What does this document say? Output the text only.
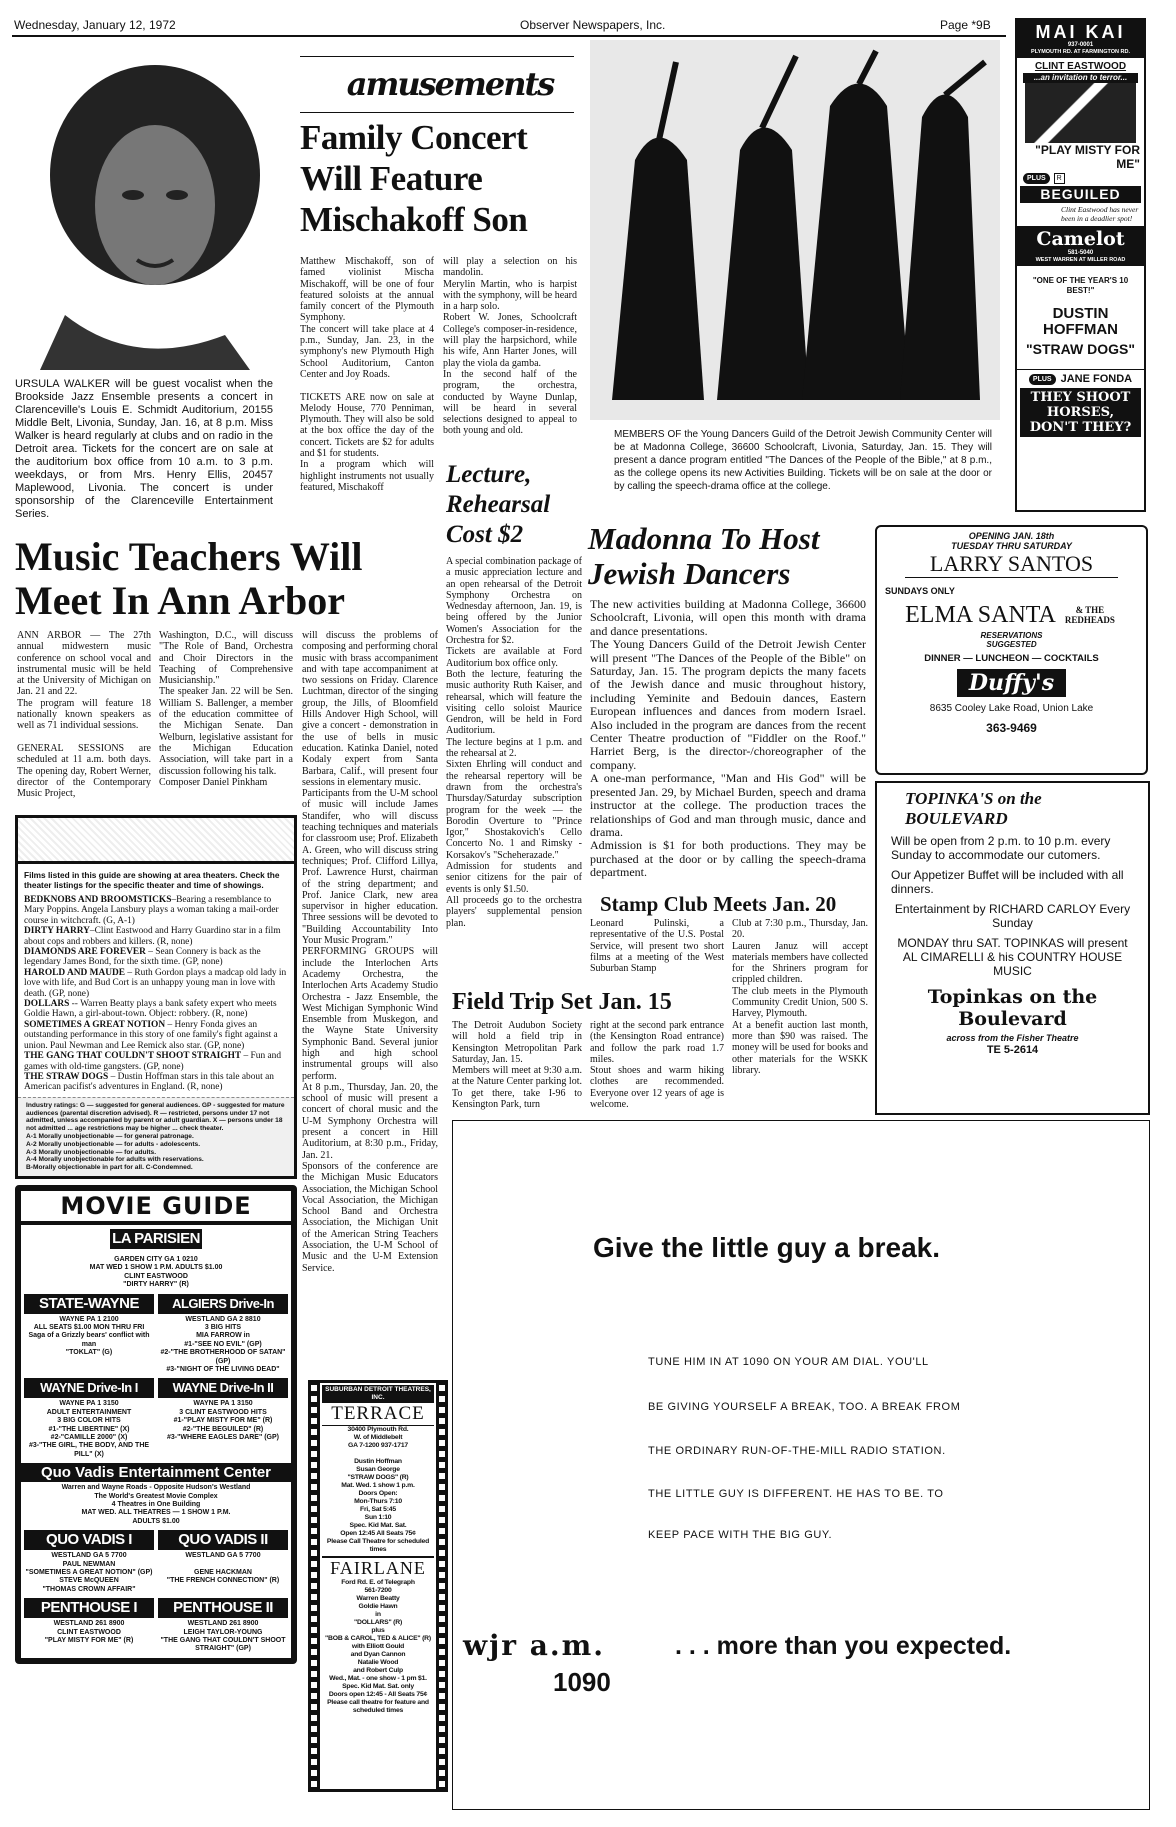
Wednesday, January 12, 1972	Observer Newspapers, Inc.	Page *9B
URSULA WALKER will be guest vocalist when the Brookside Jazz Ensemble presents a concert in Clarenceville's Louis E. Schmidt Auditorium, 20155 Middle Belt, Livonia, Sunday, Jan. 16, at 8 p.m. Miss Walker is heard regularly at clubs and on radio in the Detroit area. Tickets for the concert are on sale at the auditorium box office from 10 a.m. to 3 p.m. weekdays, or from Mrs. Henry Ellis, 20457 Maplewood, Livonia. The concert is under sponsorship of the Clarenceville Entertainment Series.
amusements
Family Concert Will Feature Mischakoff Son
Matthew Mischakoff, son of famed violinist Mischa Mischakoff, will be one of four featured soloists at the annual family concert of the Plymouth Symphony.
The concert will take place at 4 p.m., Sunday, Jan. 23, in the symphony's new Plymouth High School Auditorium, Canton Center and Joy Roads.

TICKETS ARE now on sale at Melody House, 770 Penniman, Plymouth. They will also be sold at the box office the day of the concert. Tickets are $2 for adults and $1 for students.
In a program which will highlight instruments not usually featured, Mischakoff
will play a selection on his mandolin.
Merylin Martin, who is harpist with the symphony, will be heard in a harp solo.
Robert W. Jones, Schoolcraft College's composer-in-residence, will play the harpsichord, while his wife, Ann Harter Jones, will play the viola da gamba.
In the second half of the program, the orchestra, conducted by Wayne Dunlap, will be heard in several selections designed to appeal to both young and old.	MEMBERS OF the Young Dancers Guild of the Detroit Jewish Community Center will be at Madonna College, 36600 Schoolcraft, Livonia, Saturday, Jan. 15. They will present a dance program entitled "The Dances of the People of the Bible," at 8 p.m., as the college opens its new Activities Building. Tickets will be on sale at the door or by calling the speech-drama office at the college.
Music Teachers Will Meet In Ann Arbor
ANN ARBOR — The 27th annual midwestern music conference on school vocal and instrumental music will be held at the University of Michigan on Jan. 21 and 22.
The program will feature 18 nationally known speakers as well as 71 individual sessions.

GENERAL SESSIONS are scheduled at 11 a.m. both days. The opening day, Robert Werner, director of the Contemporary Music Project,
Washington, D.C., will discuss "The Role of Band, Orchestra and Choir Directors in the Teaching of Comprehensive Musicianship."
The speaker Jan. 22 will be Sen. William S. Ballenger, a member of the education committee of the Michigan Senate. Dan Welburn, legislative assistant for the Michigan Education Association, will take part in a discussion following his talk.
Composer Daniel Pinkham
will discuss the problems of composing and performing choral music with brass accompaniment and with tape accompaniment at two sessions on Friday. Clarence Luchtman, director of the singing group, the Jills, of Bloomfield Hills Andover High School, will give a concert - demonstration in the use of bells in music education. Katinka Daniel, noted Kodaly expert from Santa Barbara, Calif., will present four sessions in elementary music.
Participants from the U-M school of music will include James Standifer, who will discuss teaching techniques and materials for classroom use; Prof. Elizabeth A. Green, who will discuss string techniques; Prof. Clifford Lillya, Prof. Lawrence Hurst, chairman of the string department; and Prof. Janice Clark, new area supervisor in higher education. Three sessions will be devoted to "Building Accountability Into Your Music Program."
PERFORMING GROUPS will include the Interlochen Arts Academy Orchestra, the Interlochen Arts Academy Studio Orchestra - Jazz Ensemble, the West Michigan Symphonic Wind Ensemble from Muskegon, and the Wayne State University Symphonic Band. Several junior high and high school instrumental groups will also perform.
At 8 p.m., Thursday, Jan. 20, the school of music will present a concert of choral music and the U-M Symphony Orchestra will present a concert in Hill Auditorium, at 8:30 p.m., Friday, Jan. 21.
Sponsors of the conference are the Michigan Music Educators Association, the Michigan School Vocal Association, the Michigan School Band and Orchestra Association, the Michigan Unit of the American String Teachers Association, the U-M School of Music and the U-M Extension Service.
Lecture, Rehearsal Cost $2
A special combination package of a music appreciation lecture and an open rehearsal of the Detroit Symphony Orchestra on Wednesday afternoon, Jan. 19, is being offered by the Junior Women's Association for the Orchestra for $2.
Tickets are available at Ford Auditorium box office only.
Both the lecture, featuring the music authority Ruth Kaiser, and rehearsal, which will feature the visiting cello soloist Maurice Gendron, will be held in Ford Auditorium.
The lecture begins at 1 p.m. and the rehearsal at 2.
Sixten Ehrling will conduct and the rehearsal repertory will be drawn from the orchestra's Thursday/Saturday subscription program for the week — the Borodin Overture to "Prince Igor," Shostakovich's Cello Concerto No. 1 and Rimsky - Korsakov's "Scheherazade."
Admission for students and senior citizens for the pair of events is only $1.50.
All proceeds go to the orchestra players' supplemental pension plan.
Madonna To Host Jewish Dancers
The new activities building at Madonna College, 36600 Schoolcraft, Livonia, will open this month with drama and dance presentations.
The Young Dancers Guild of the Detroit Jewish Center will present "The Dances of the People of the Bible" on Saturday, Jan. 15. The program depicts the many facets of the Jewish dance and music throughout history, including Yeminite and Bedouin dances, Eastern European influences and dances from modern Israel. Also included in the program are dances from the recent Center Theatre production of "Fiddler on the Roof." Harriet Berg, is the director-/choreographer of the company.
A one-man performance, "Man and His God" will be presented Jan. 29, by Michael Burden, speech and drama instructor at the college. The production traces the relationships of God and man through music, dance and drama.
Admission is $1 for both productions. They may be purchased at the door or by calling the speech-drama department.
Stamp Club Meets Jan. 20
Leonard Pulinski, a representative of the U.S. Postal Service, will present two short films at a meeting of the West Suburban Stamp
Club at 7:30 p.m., Thursday, Jan. 20.
Lauren Januz will accept materials members have collected for the Shriners program for crippled children.
The club meets in the Plymouth Community Credit Union, 500 S. Harvey, Plymouth.
At a benefit auction last month, more than $90 was raised. The money will be used for books and other materials for the WSKK library.
Field Trip Set Jan. 15
The Detroit Audubon Society will hold a field trip in Kensington Metropolitan Park Saturday, Jan. 15.
Members will meet at 9:30 a.m. at the Nature Center parking lot. To get there, take I-96 to Kensington Park, turn
right at the second park entrance (the Kensington Road entrance) and follow the park road 1.7 miles.
Stout shoes and warm hiking clothes are recommended. Everyone over 12 years of age is welcome.
Films listed in this guide are showing at area theaters. Check the theater listings for the specific theater and time of showings.
BEDKNOBS AND BROOMSTICKS–Bearing a resemblance to Mary Poppins. Angela Lansbury plays a woman taking a mail-order course in witchcraft. (G, A-1)
DIRTY HARRY–Clint Eastwood and Harry Guardino star in a film about cops and robbers and killers. (R, none)
DIAMONDS ARE FOREVER – Sean Connery is back as the legendary James Bond, for the sixth time. (GP, none)
HAROLD AND MAUDE – Ruth Gordon plays a madcap old lady in love with life, and Bud Cort is an unhappy young man in love with death. (GP, none)
DOLLARS -- Warren Beatty plays a bank safety expert who meets Goldie Hawn, a girl-about-town. Object: robbery. (R, none)
SOMETIMES A GREAT NOTION – Henry Fonda gives an outstanding performance in this story of one family's fight against a union. Paul Newman and Lee Remick also star. (GP, none)
THE GANG THAT COULDN'T SHOOT STRAIGHT – Fun and games with old-time gangsters. (GP, none)
THE STRAW DOGS – Dustin Hoffman stars in this tale about an American pacifist's adventures in England. (R, none)
Industry ratings: G — suggested for general audiences. GP - suggested for mature audiences (parental discretion advised). R — restricted, persons under 17 not admitted, unless accompanied by parent or adult guardian. X — persons under 18 not admitted ... age restrictions may be higher ... check theater.
A-1 Morally unobjectionable — for general patronage.
A-2 Morally unobjectionable — for adults - adolescents.
A-3 Morally unobjectionable — for adults.
A-4 Morally unobjectionable for adults with reservations.
B-Morally objectionable in part for all. C-Condemned.
MOVIE GUIDE
LA PARISIEN
GARDEN CITY GA 1 0210
MAT WED 1 SHOW 1 P.M. ADULTS $1.00
CLINT EASTWOOD
"DIRTY HARRY" (R)
STATE-WAYNE
WAYNE PA 1 2100
ALL SEATS $1.00 MON THRU FRI
Saga of a Grizzly bears' conflict with man
"TOKLAT" (G)
ALGIERS Drive-In
WESTLAND GA 2 8810
3 BIG HITS
MIA FARROW in
#1-"SEE NO EVIL" (GP)
#2-"THE BROTHERHOOD OF SATAN" (GP)
#3-"NIGHT OF THE LIVING DEAD"
WAYNE Drive-In I
WAYNE PA 1 3150
ADULT ENTERTAINMENT
3 BIG COLOR HITS
#1-"THE LIBERTINE" (X)
#2-"CAMILLE 2000" (X)
#3-"THE GIRL, THE BODY, AND THE PILL" (X)
WAYNE Drive-In II
WAYNE PA 1 3150
3 CLINT EASTWOOD HITS
#1-"PLAY MISTY FOR ME" (R)
#2-"THE BEGUILED" (R)
#3-"WHERE EAGLES DARE" (GP)
Quo Vadis Entertainment Center
Warren and Wayne Roads - Opposite Hudson's Westland
The World's Greatest Movie Complex
4 Theatres in One Building
MAT WED. ALL THEATRES — 1 SHOW 1 P.M.
ADULTS $1.00
QUO VADIS I
WESTLAND GA 5 7700
PAUL NEWMAN
"SOMETIMES A GREAT NOTION" (GP)
STEVE McQUEEN
"THOMAS CROWN AFFAIR"
QUO VADIS II
WESTLAND GA 5 7700

GENE HACKMAN
"THE FRENCH CONNECTION" (R)
PENTHOUSE I
WESTLAND 261 8900
CLINT EASTWOOD
"PLAY MISTY FOR ME" (R)
PENTHOUSE II
WESTLAND 261 8900
LEIGH TAYLOR-YOUNG
"THE GANG THAT COULDN'T SHOOT STRAIGHT" (GP)
SUBURBAN DETROIT THEATRES, INC.
TERRACE
30400 Plymouth Rd.
W. of Middlebelt
GA 7-1200 937-1717

Dustin Hoffman
Susan George
"STRAW DOGS" (R)
Mat. Wed. 1 show 1 p.m.
Doors Open:
Mon-Thurs 7:10
Fri, Sat 5:45
Sun 1:10
Spec. Kid Mat. Sat.
Open 12:45 All Seats 75¢
Please Call Theatre for scheduled times
FAIRLANE
Ford Rd. E. of Telegraph
561-7200
Warren Beatty
Goldie Hawn
in
"DOLLARS" (R)
plus
"BOB & CAROL, TED & ALICE" (R)
with Elliott Gould
and Dyan Cannon
Natalie Wood
and Robert Culp
Wed., Mat. - one show - 1 pm $1.
Spec. Kid Mat. Sat. only
Doors open 12:45 - All Seats 75¢
Please call theatre for feature and scheduled times
MAI KAI
937-0001
PLYMOUTH RD. AT FARMINGTON RD.
CLINT EASTWOOD
...an invitation to terror...
"PLAY MISTY FOR ME"
PLUS	R
BEGUILED
Clint Eastwood has never been in a deadlier spot!
Camelot
581-5040
WEST WARREN AT MILLER ROAD
"ONE OF THE YEAR'S 10 BEST!"
DUSTIN HOFFMAN
"STRAW DOGS"
PLUS JANE FONDA
THEY SHOOT HORSES, DON'T THEY?
OPENING JAN. 18th
TUESDAY THRU SATURDAY
LARRY SANTOS
SUNDAYS ONLY
ELMA SANTA	& THE REDHEADS
RESERVATIONS SUGGESTED
DINNER — LUNCHEON — COCKTAILS
Duffy's
8635 Cooley Lake Road, Union Lake
363-9469
TOPINKA'S on the BOULEVARD
Will be open from 2 p.m. to 10 p.m. every Sunday to accommodate our cutomers.
Our Appetizer Buffet will be included with all dinners.
Entertainment by RICHARD CARLOY Every Sunday
MONDAY thru SAT. TOPINKAS will present AL CIMARELLI & his COUNTRY HOUSE MUSIC
Topinkas on the Boulevard
across from the Fisher Theatre
TE 5-2614
Give the little guy a break.
TUNE HIM IN AT 1090 ON YOUR AM DIAL. YOU'LL
BE GIVING YOURSELF A BREAK, TOO. A BREAK FROM
THE ORDINARY RUN-OF-THE-MILL RADIO STATION.
THE LITTLE GUY IS DIFFERENT. HE HAS TO BE. TO
KEEP PACE WITH THE BIG GUY.
wjr a.m.	. . . more than you expected.
1090
